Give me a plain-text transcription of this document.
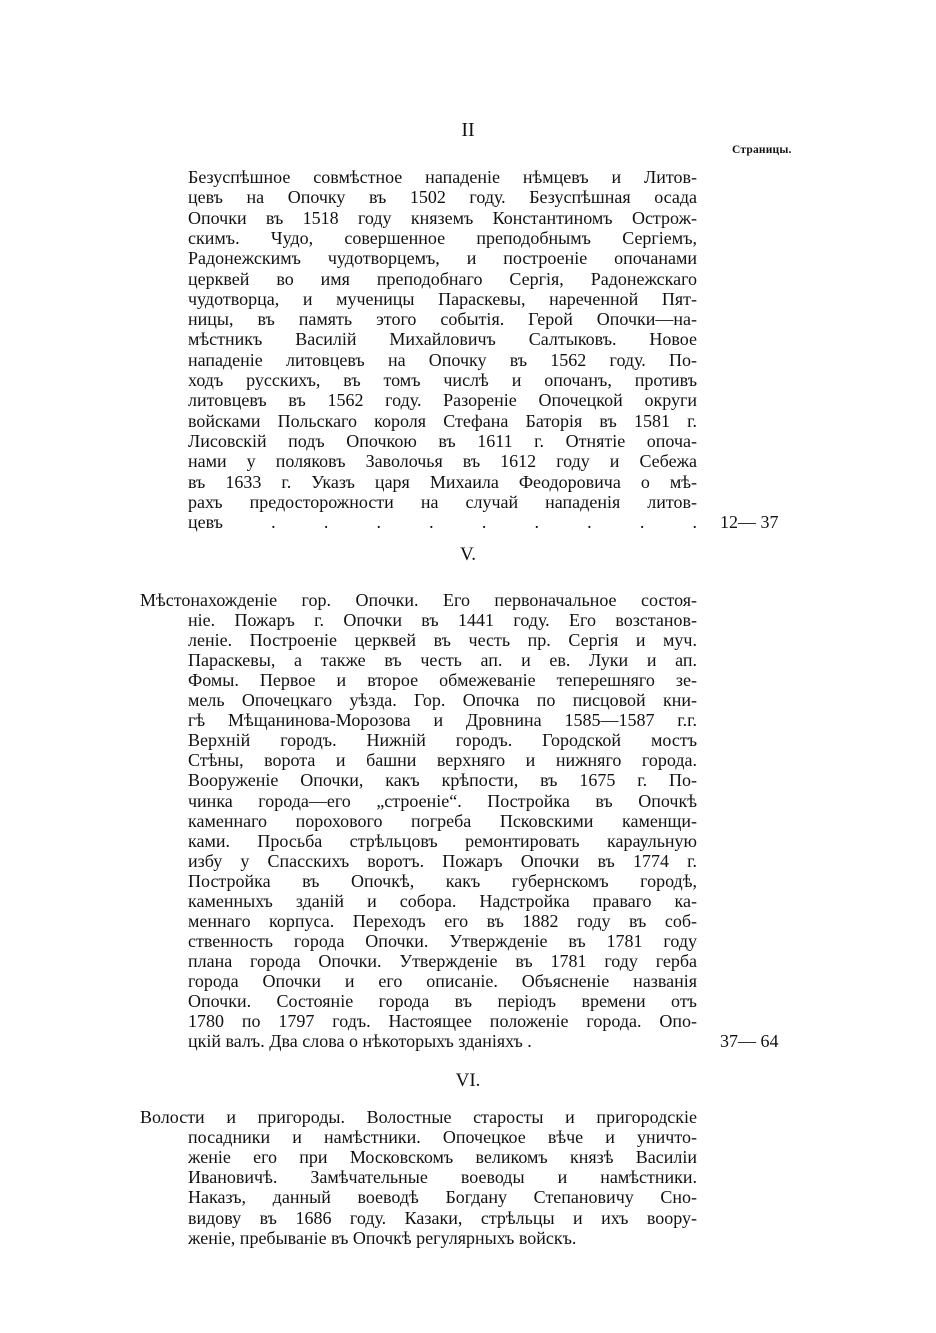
II
Страницы.
Безуспѣшное совмѣстное нападеніе нѣмцевъ и Литов-
цевъ на Опочку въ 1502 году. Безуспѣшная осада
Опочки въ 1518 году княземъ Константиномъ Острож-
скимъ. Чудо, совершенное преподобнымъ Сергіемъ,
Радонежскимъ чудотворцемъ, и построеніе опочанами
церквей во имя преподобнаго Сергія, Радонежскаго
чудотворца, и мученицы Параскевы, нареченной Пят-
ницы, въ память этого событія. Герой Опочки—на-
мѣстникъ Василій Михайловичъ Салтыковъ. Новое
нападеніе литовцевъ на Опочку въ 1562 году. По-
ходъ русскихъ, въ томъ числѣ и опочанъ, противъ
литовцевъ въ 1562 году. Разореніе Опочецкой округи
войсками Польскаго короля Стефана Баторія въ 1581 г.
Лисовскій подъ Опочкою въ 1611 г. Отнятіе опоча-
нами у поляковъ Заволочья въ 1612 году и Себежа
въ 1633 г. Указъ царя Михаила Феодоровича о мѣ-
рахъ предосторожности на случай нападенія литов-
цевъ . . . . . . . . . 12— 37
V.
Мѣстонахожденіе гор. Опочки. Его первоначальное состоя-
ніе. Пожаръ г. Опочки въ 1441 году. Его возстанов-
леніе. Построеніе церквей въ честь пр. Сергія и муч.
Параскевы, а также въ честь ап. и ев. Луки и ап.
Фомы. Первое и второе обмежеваніе теперешняго зе-
мель Опочецкаго уѣзда. Гор. Опочка по писцовой кни-
гѣ Мѣщанинова-Морозова и Дровнина 1585—1587 г.г.
Верхній городъ. Нижній городъ. Городской мостъ
Стѣны, ворота и башни верхняго и нижняго города.
Вооруженіе Опочки, какъ крѣпости, въ 1675 г. По-
чинка города—его „строеніе“. Постройка въ Опочкѣ
каменнаго порохового погреба Псковскими каменщи-
ками. Просьба стрѣльцовъ ремонтировать караульную
избу у Спасскихъ воротъ. Пожаръ Опочки въ 1774 г.
Постройка въ Опочкѣ, какъ губернскомъ городѣ,
каменныхъ зданій и собора. Надстройка праваго ка-
меннаго корпуса. Переходъ его въ 1882 году въ соб-
ственность города Опочки. Утвержденіе въ 1781 году
плана города Опочки. Утвержденіе въ 1781 году герба
города Опочки и его описаніе. Объясненіе названія
Опочки. Состояніе города въ періодъ времени отъ
1780 по 1797 годъ. Настоящее положеніе города. Опо-
цкій валъ. Два слова о нѣкоторыхъ зданіяхъ .	37— 64
VI.
Волости и пригороды. Волостные старосты и пригородскіе
посадники и намѣстники. Опочецкое вѣче и уничто-
женіе его при Московскомъ великомъ князѣ Василіи
Ивановичѣ. Замѣчательные воеводы и намѣстники.
Наказъ, данный воеводѣ Богдану Степановичу Сно-
видову въ 1686 году. Казаки, стрѣльцы и ихъ воору-
женіе, пребываніе въ Опочкѣ регулярныхъ войскъ.
